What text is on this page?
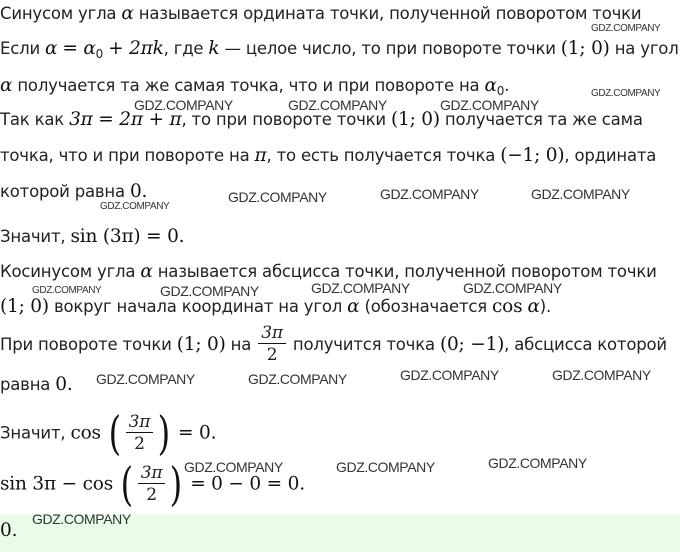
Синусом угла α называется ордината точки, полученной поворотом точки
Если $\alpha = \alpha_0 + 2\pi k$, где k — целое число, то при повороте точки (1; 0) на угол
α получается та же самая точка, что и при повороте на $\alpha_0$.
Так как 3π = 2π + π, то при повороте точки (1; 0) получается та же сама
точка, что и при повороте на π, то есть получается точка (−1; 0), ордината
которой равна 0.
Значит, sin (3π) = 0.
Косинусом угла α называется абсцисса точки, полученной поворотом точки
(1; 0) вокруг начала координат на угол α (обозначается cos α).
При повороте точки (1; 0) на $\frac{3\pi}{2}$ получится точка (0; −1), абсцисса которой
равна 0.
Значит, cos ( $\frac{3\pi}{2}$ ) = 0.
sin 3π − cos ( $\frac{3\pi}{2}$ ) = 0 − 0 = 0.
0.
GDZ.COMPANY
GDZ.COMPANY
GDZ.COMPANY	GDZ.COMPANY	GDZ.COMPANY
GDZ.COMPANY	GDZ.COMPANY	GDZ.COMPANY
GDZ.COMPANY
GDZ.COMPANY	GDZ.COMPANY	GDZ.COMPANY	GDZ.COMPANY
GDZ.COMPANY	GDZ.COMPANY	GDZ.COMPANY	GDZ.COMPANY
GDZ.COMPANY	GDZ.COMPANY	GDZ.COMPANY
GDZ.COMPANY
